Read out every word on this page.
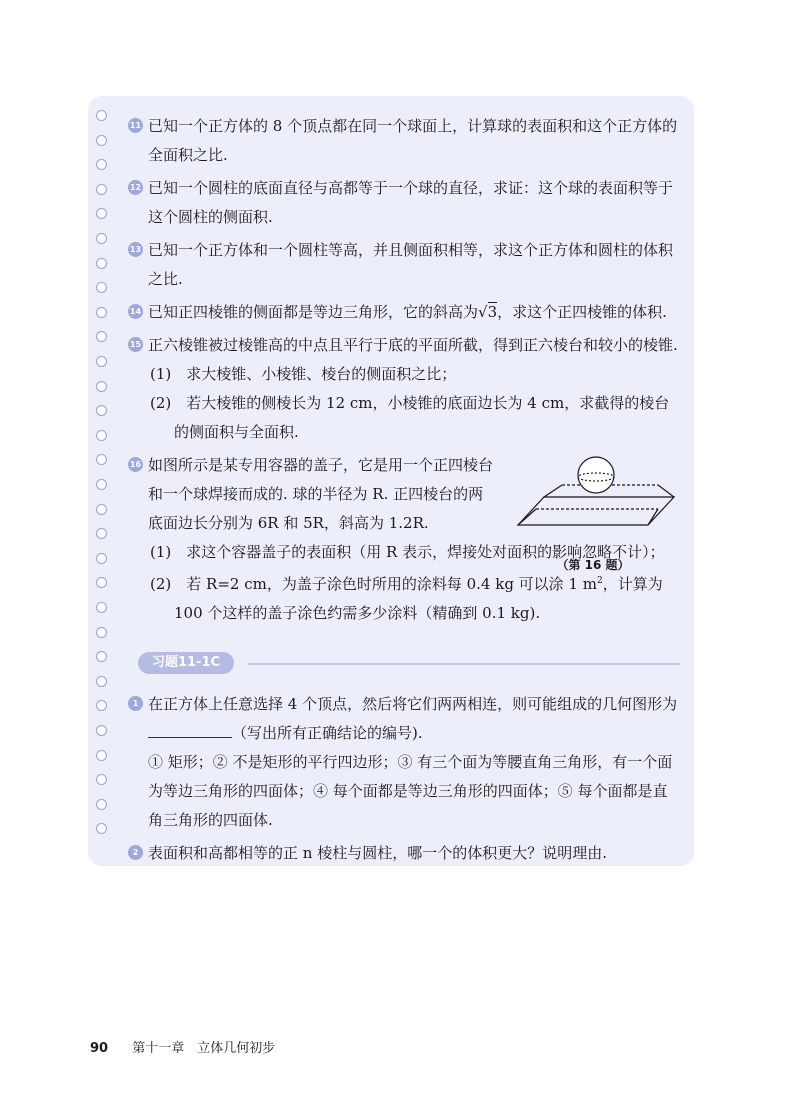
11 已知一个正方体的 8 个顶点都在同一个球面上，计算球的表面积和这个正方体的全面积之比.
12 已知一个圆柱的底面直径与高都等于一个球的直径，求证：这个球的表面积等于这个圆柱的侧面积.
13 已知一个正方体和一个圆柱等高，并且侧面积相等，求这个正方体和圆柱的体积之比.
14 已知正四棱锥的侧面都是等边三角形，它的斜高为√3，求这个正四棱锥的体积.
15 正六棱锥被过棱锥高的中点且平行于底的平面所截，得到正六棱台和较小的棱锥.
(1)　 求大棱锥、小棱锥、棱台的侧面积之比；
(2)　 若大棱锥的侧棱长为 12 cm，小棱锥的底面边长为 4 cm，求截得的棱台的侧面积与全面积.
16 如图所示是某专用容器的盖子，它是用一个正四棱台和一个球焊接而成的. 球的半径为 R. 正四棱台的两底面边长分别为 6R 和 5R，斜高为 1.2R.
（第 16 题）
(1)　 求这个容器盖子的表面积（用 R 表示，焊接处对面积的影响忽略不计）；
(2)　 若 R=2 cm，为盖子涂色时所用的涂料每 0.4 kg 可以涂 1 $m^2$，计算为 100 个这样的盖子涂色约需多少涂料（精确到 0.1 kg).
习题11-1C
1 在正方体上任意选择 4 个顶点，然后将它们两两相连，则可能组成的几何图形为（写出所有正确结论的编号).
① 矩形；② 不是矩形的平行四边形；③ 有三个面为等腰直角三角形，有一个面为等边三角形的四面体；④ 每个面都是等边三角形的四面体；⑤ 每个面都是直角三角形的四面体.
2 表面积和高都相等的正 n 棱柱与圆柱，哪一个的体积更大？说明理由.
90 第十一章　立体几何初步
